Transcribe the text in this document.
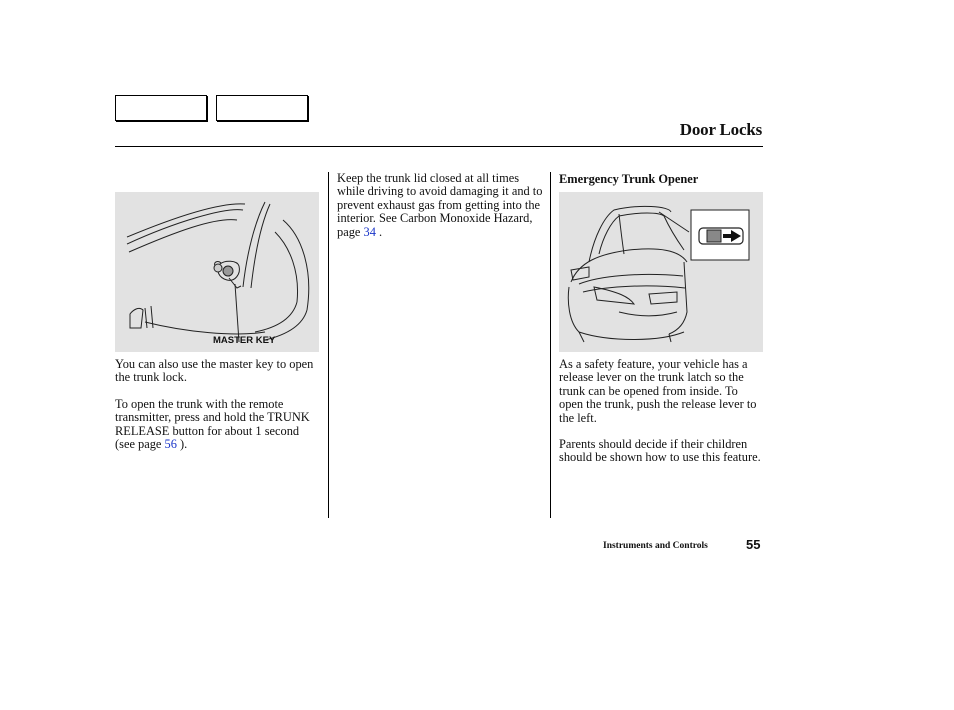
Door Locks
MASTER KEY

You can also use the master key to open the trunk lock.

To open the trunk with the remote transmitter, press and hold the TRUNK RELEASE button for about 1 second (see page 56 ).

Keep the trunk lid closed at all times while driving to avoid damaging it and to prevent exhaust gas from getting into the interior. See Carbon Monoxide Hazard, page 34 .

Emergency Trunk Opener

As a safety feature, your vehicle has a release lever on the trunk latch so the trunk can be opened from inside. To open the trunk, push the release lever to the left.

Parents should decide if their children should be shown how to use this feature.

Instruments and Controls	55
